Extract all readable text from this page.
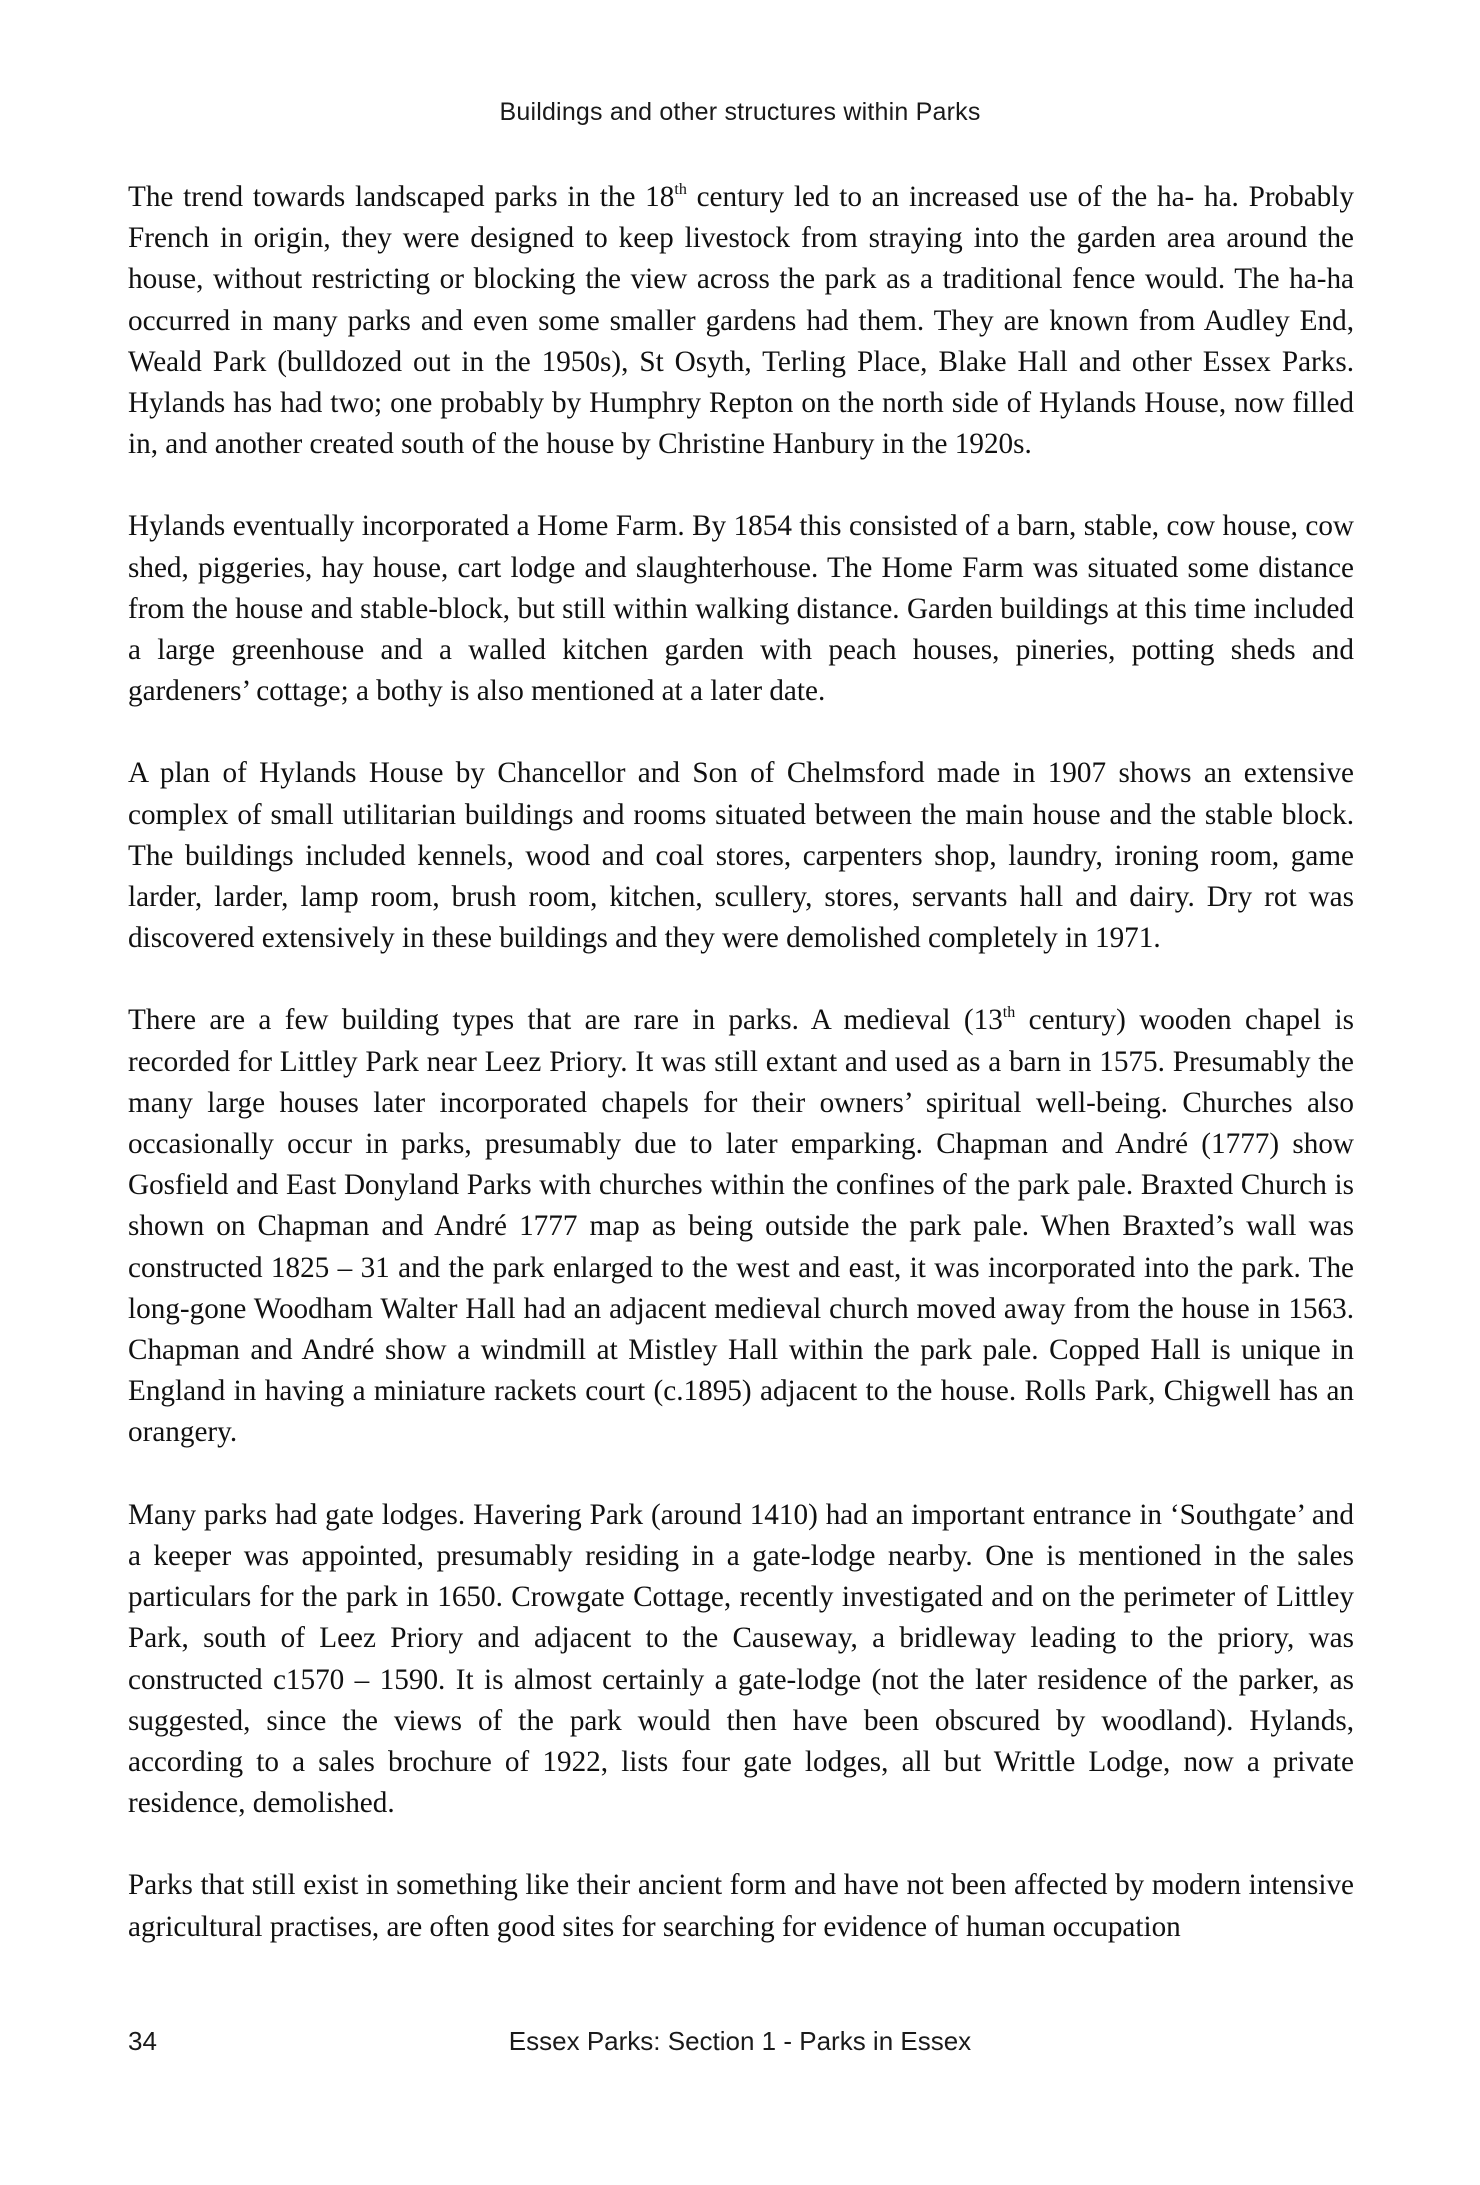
Buildings and other structures within Parks

The trend towards landscaped parks in the 18th century led to an increased use of the ha- ha. Probably French in origin, they were designed to keep livestock from straying into the garden area around the house, without restricting or blocking the view across the park as a traditional fence would. The ha-ha occurred in many parks and even some smaller gardens had them. They are known from Audley End, Weald Park (bulldozed out in the 1950s), St Osyth, Terling Place, Blake Hall and other Essex Parks. Hylands has had two; one probably by Humphry Repton on the north side of Hylands House, now filled in, and another created south of the house by Christine Hanbury in the 1920s.

Hylands eventually incorporated a Home Farm. By 1854 this consisted of a barn, stable, cow house, cow shed, piggeries, hay house, cart lodge and slaughterhouse. The Home Farm was situated some distance from the house and stable-block, but still within walking distance. Garden buildings at this time included a large greenhouse and a walled kitchen garden with peach houses, pineries, potting sheds and gardeners’ cottage; a bothy is also mentioned at a later date.

A plan of Hylands House by Chancellor and Son of Chelmsford made in 1907 shows an extensive complex of small utilitarian buildings and rooms situated between the main house and the stable block. The buildings included kennels, wood and coal stores, carpenters shop, laundry, ironing room, game larder, larder, lamp room, brush room, kitchen, scullery, stores, servants hall and dairy. Dry rot was discovered extensively in these buildings and they were demolished completely in 1971.

There are a few building types that are rare in parks. A medieval (13th century) wooden chapel is recorded for Littley Park near Leez Priory. It was still extant and used as a barn in 1575. Presumably the many large houses later incorporated chapels for their owners’ spiritual well-being. Churches also occasionally occur in parks, presumably due to later emparking. Chapman and André (1777) show Gosfield and East Donyland Parks with churches within the confines of the park pale. Braxted Church is shown on Chapman and André 1777 map as being outside the park pale. When Braxted’s wall was constructed 1825 – 31 and the park enlarged to the west and east, it was incorporated into the park. The long-gone Woodham Walter Hall had an adjacent medieval church moved away from the house in 1563. Chapman and André show a windmill at Mistley Hall within the park pale. Copped Hall is unique in England in having a miniature rackets court (c.1895) adjacent to the house. Rolls Park, Chigwell has an orangery.

Many parks had gate lodges. Havering Park (around 1410) had an important entrance in ‘Southgate’ and a keeper was appointed, presumably residing in a gate-lodge nearby. One is mentioned in the sales particulars for the park in 1650. Crowgate Cottage, recently investigated and on the perimeter of Littley Park, south of Leez Priory and adjacent to the Causeway, a bridleway leading to the priory, was constructed c1570 – 1590. It is almost certainly a gate-lodge (not the later residence of the parker, as suggested, since the views of the park would then have been obscured by woodland). Hylands, according to a sales brochure of 1922, lists four gate lodges, all but Writtle Lodge, now a private residence, demolished.

Parks that still exist in something like their ancient form and have not been affected by modern intensive agricultural practises, are often good sites for searching for evidence of human occupation

34	Essex Parks: Section 1 - Parks in Essex
